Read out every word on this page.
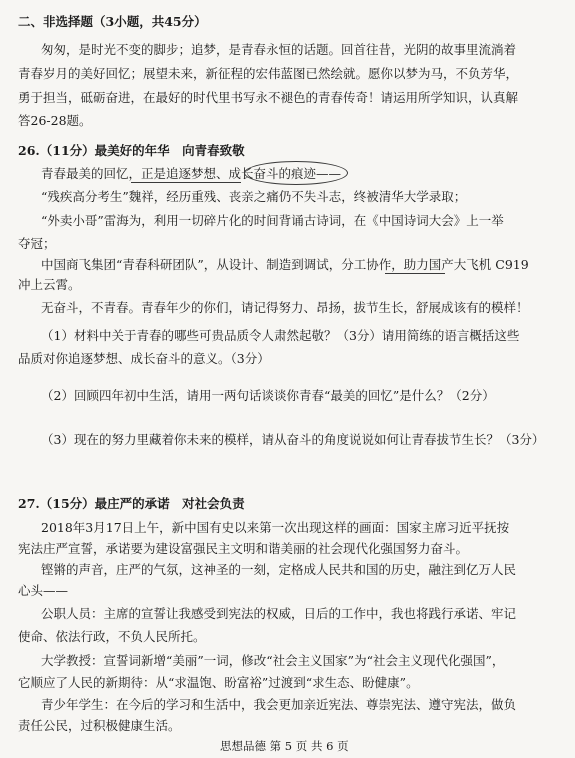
二、非选择题（3小题，共45分）
匆匆，是时光不变的脚步；追梦，是青春永恒的话题。回首往昔，光阴的故事里流淌着
青春岁月的美好回忆；展望未来，新征程的宏伟蓝图已然绘就。愿你以梦为马，不负芳华，
勇于担当，砥砺奋进，在最好的时代里书写永不褪色的青春传奇！请运用所学知识，认真解
答26-28题。
26.（11分）最美好的年华　向青春致敬
青春最美的回忆，正是追逐梦想、成长奋斗的痕迹——
“残疾高分考生”魏祥，经历重残、丧亲之痛仍不失斗志，终被清华大学录取；
“外卖小哥”雷海为，利用一切碎片化的时间背诵古诗词，在《中国诗词大会》上一举
夺冠；
中国商飞集团“青春科研团队”，从设计、制造到调试，分工协作，助力国产大飞机 C919
冲上云霄。
无奋斗，不青春。青春年少的你们，请记得努力、昂扬，拔节生长，舒展成该有的模样！
（1）材料中关于青春的哪些可贵品质令人肃然起敬？（3分）请用简练的语言概括这些
品质对你追逐梦想、成长奋斗的意义。（3分）
（2）回顾四年初中生活，请用一两句话谈谈你青春“最美的回忆”是什么？（2分）
（3）现在的努力里藏着你未来的模样，请从奋斗的角度说说如何让青春拔节生长？（3分）
27.（15分）最庄严的承诺　对社会负责
2018年3月17日上午，新中国有史以来第一次出现这样的画面：国家主席习近平抚按
宪法庄严宣誓，承诺要为建设富强民主文明和谐美丽的社会现代化强国努力奋斗。
铿锵的声音，庄严的气氛，这神圣的一刻，定格成人民共和国的历史，融注到亿万人民
心头——
公职人员：主席的宣誓让我感受到宪法的权威，日后的工作中，我也将践行承诺、牢记
使命、依法行政，不负人民所托。
大学教授：宣誓词新增“美丽”一词，修改“社会主义国家”为“社会主义现代化强国”，
它顺应了人民的新期待：从“求温饱、盼富裕”过渡到“求生态、盼健康”。
青少年学生：在今后的学习和生活中，我会更加亲近宪法、尊崇宪法、遵守宪法，做负
责任公民，过积极健康生活。
思想品德 第 5 页 共 6 页
